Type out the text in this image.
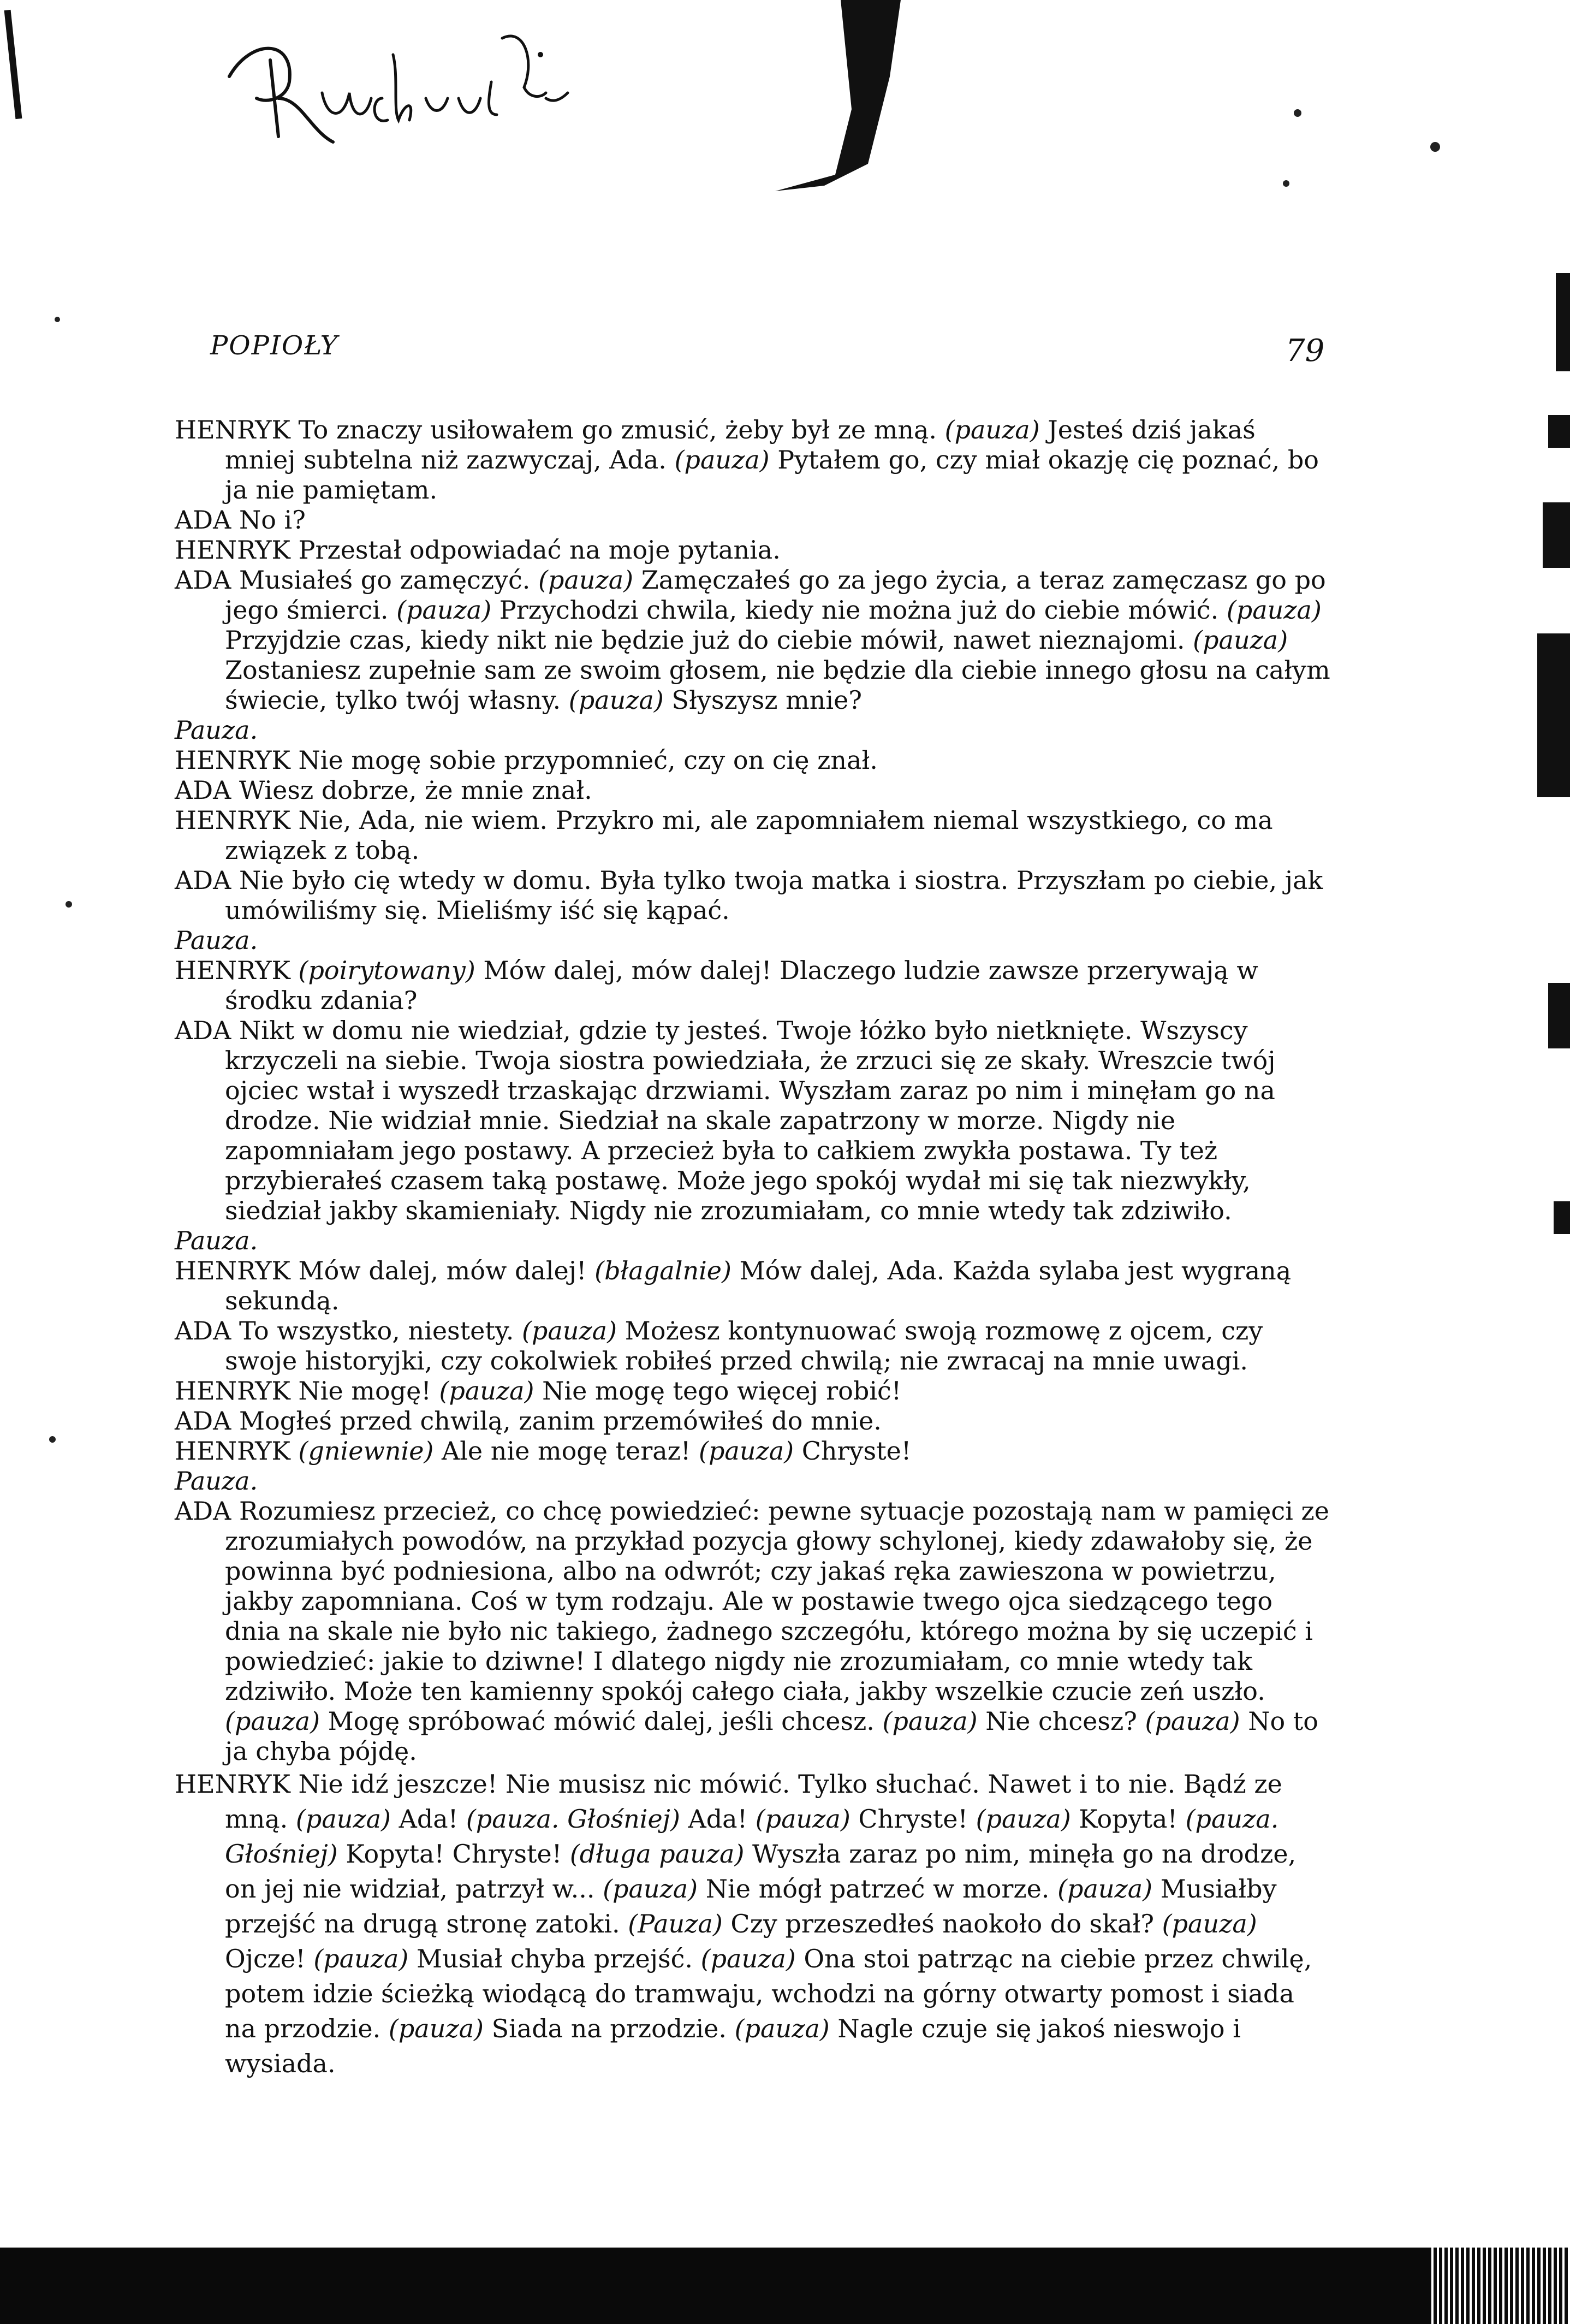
POPIOŁY	79

HENRYK To znaczy usiłowałem go zmusić, żeby był ze mną. (pauza) Jesteś dziś jakaś mniej subtelna niż zazwyczaj, Ada. (pauza) Pytałem go, czy miał okazję cię poznać, bo ja nie pamiętam.

ADA No i?

HENRYK Przestał odpowiadać na moje pytania.

ADA Musiałeś go zamęczyć. (pauza) Zamęczałeś go za jego życia, a teraz zamęczasz go po jego śmierci. (pauza) Przychodzi chwila, kiedy nie można już do ciebie mówić. (pauza) Przyjdzie czas, kiedy nikt nie będzie już do ciebie mówił, nawet nieznajomi. (pauza) Zostaniesz zupełnie sam ze swoim głosem, nie będzie dla ciebie innego głosu na całym świecie, tylko twój własny. (pauza) Słyszysz mnie?

Pauza.

HENRYK Nie mogę sobie przypomnieć, czy on cię znał.

ADA Wiesz dobrze, że mnie znał.

HENRYK Nie, Ada, nie wiem. Przykro mi, ale zapomniałem niemal wszystkiego, co ma związek z tobą.

ADA Nie było cię wtedy w domu. Była tylko twoja matka i siostra. Przyszłam po ciebie, jak umówiliśmy się. Mieliśmy iść się kąpać.

Pauza.

HENRYK (poirytowany) Mów dalej, mów dalej! Dlaczego ludzie zawsze przerywają w środku zdania?

ADA Nikt w domu nie wiedział, gdzie ty jesteś. Twoje łóżko było nietknięte. Wszyscy krzyczeli na siebie. Twoja siostra powiedziała, że zrzuci się ze skały. Wreszcie twój ojciec wstał i wyszedł trzaskając drzwiami. Wyszłam zaraz po nim i minęłam go na drodze. Nie widział mnie. Siedział na skale zapatrzony w morze. Nigdy nie zapomniałam jego postawy. A przecież była to całkiem zwykła postawa. Ty też przybierałeś czasem taką postawę. Może jego spokój wydał mi się tak niezwykły, siedział jakby skamieniały. Nigdy nie zrozumiałam, co mnie wtedy tak zdziwiło.

Pauza.

HENRYK Mów dalej, mów dalej! (błagalnie) Mów dalej, Ada. Każda sylaba jest wygraną sekundą.

ADA To wszystko, niestety. (pauza) Możesz kontynuować swoją rozmowę z ojcem, czy swoje historyjki, czy cokolwiek robiłeś przed chwilą; nie zwracaj na mnie uwagi.

HENRYK Nie mogę! (pauza) Nie mogę tego więcej robić!

ADA Mogłeś przed chwilą, zanim przemówiłeś do mnie.

HENRYK (gniewnie) Ale nie mogę teraz! (pauza) Chryste!

Pauza.

ADA Rozumiesz przecież, co chcę powiedzieć: pewne sytuacje pozostają nam w pamięci ze zrozumiałych powodów, na przykład pozycja głowy schylonej, kiedy zdawałoby się, że powinna być podniesiona, albo na odwrót; czy jakaś ręka zawieszona w powietrzu, jakby zapomniana. Coś w tym rodzaju. Ale w postawie twego ojca siedzącego tego dnia na skale nie było nic takiego, żadnego szczegółu, którego można by się uczepić i powiedzieć: jakie to dziwne! I dlatego nigdy nie zrozumiałam, co mnie wtedy tak zdziwiło. Może ten kamienny spokój całego ciała, jakby wszelkie czucie zeń uszło. (pauza) Mogę spróbować mówić dalej, jeśli chcesz. (pauza) Nie chcesz? (pauza) No to ja chyba pójdę.

HENRYK Nie idź jeszcze! Nie musisz nic mówić. Tylko słuchać. Nawet i to nie. Bądź ze mną. (pauza) Ada! (pauza. Głośniej) Ada! (pauza) Chryste! (pauza) Kopyta! (pauza. Głośniej) Kopyta! Chryste! (długa pauza) Wyszła zaraz po nim, minęła go na drodze, on jej nie widział, patrzył w... (pauza) Nie mógł patrzeć w morze. (pauza) Musiałby przejść na drugą stronę zatoki. (Pauza) Czy przeszedłeś naokoło do skał? (pauza) Ojcze! (pauza) Musiał chyba przejść. (pauza) Ona stoi patrząc na ciebie przez chwilę, potem idzie ścieżką wiodącą do tramwaju, wchodzi na górny otwarty pomost i siada na przodzie. (pauza) Siada na przodzie. (pauza) Nagle czuje się jakoś nieswojo i wysiada.
